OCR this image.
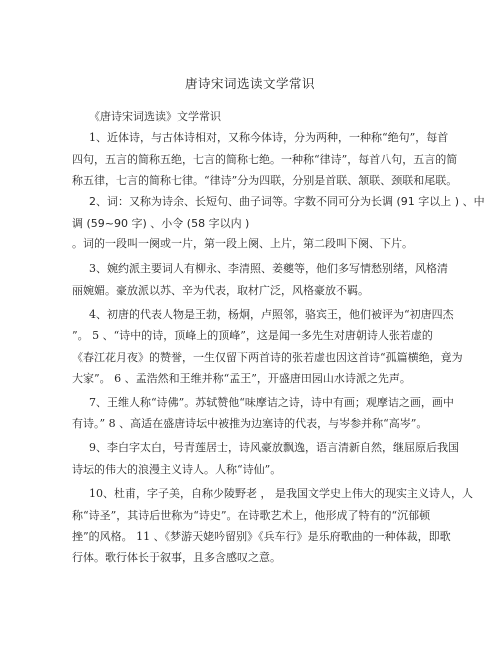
唐诗宋词选读文学常识
《唐诗宋词选读》文学常识
1、近体诗，与古体诗相对，又称今体诗，分为两种，一种称“绝句”，每首
四句，五言的简称五绝，七言的简称七绝。一种称“律诗”，每首八句，五言的简
称五律，七言的简称七律。“律诗”分为四联，分别是首联、颔联、颈联和尾联。
2、词：又称为诗余、长短句、曲子词等。字数不同可分为长调 (91 字以上 ) 、中
调 (59~90 字) 、小令 (58 字以内 )
。词的一段叫一阕或一片，第一段上阕、上片，第二段叫下阕、下片。
3、婉约派主要词人有柳永、李清照、姜夔等，他们多写情愁别绪，风格清
丽婉媚。豪放派以苏、辛为代表，取材广泛，风格豪放不羁。
4、初唐的代表人物是王勃，杨炯，卢照邻，骆宾王，他们被评为“初唐四杰
”。 5 、“诗中的诗，顶峰上的顶峰”，这是闻一多先生对唐朝诗人张若虚的
《春江花月夜》的赞誉，一生仅留下两首诗的张若虚也因这首诗“孤篇横绝，竟为
大家”。 6 、孟浩然和王维并称“孟王”，开盛唐田园山水诗派之先声。
7、王维人称“诗佛”。苏轼赞他“味摩诘之诗，诗中有画；观摩诘之画，画中
有诗。” 8 、高适在盛唐诗坛中被推为边塞诗的代表，与岑参并称“高岑”。
9、李白字太白，号青莲居士，诗风豪放飘逸，语言清新自然，继屈原后我国
诗坛的伟大的浪漫主义诗人。人称“诗仙”。
10、杜甫，字子美，自称少陵野老 ， 是我国文学史上伟大的现实主义诗人，人
称“诗圣”，其诗后世称为“诗史”。在诗歌艺术上，他形成了特有的“沉郁顿
挫”的风格。 11 、《梦游天姥吟留别》《兵车行》是乐府歌曲的一种体裁，即歌
行体。歌行体长于叙事，且多含感叹之意。
